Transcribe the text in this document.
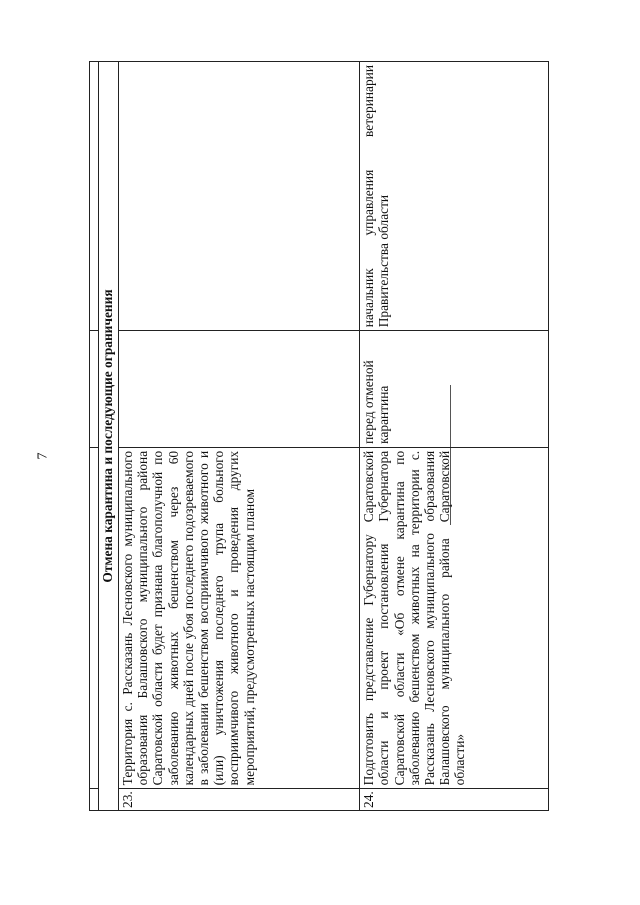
7
				Отмена карантина и последующие ограничения			
23.	Территория с. Рассказань Лесновского муниципального образования Балашовского муниципального района Саратовской области будет признана благополучной по заболеванию животных бешенством через 60 календарных дней после убоя последнего подозреваемого в заболевании бешенством восприимчивого животного и (или) уничтожения последнего трупа больного восприимчивого животного и проведения других мероприятий, предусмотренных настоящим планом		
24.	Подготовить представление Губернатору Саратовской области и проект постановления Губернатора Саратовской области «Об отмене карантина по заболеванию бешенством животных на территории с. Рассказань Лесновского муниципального образования Балашовского муниципального района Саратовской области»	перед отменой карантина	начальник управления ветеринарии Правительства области
